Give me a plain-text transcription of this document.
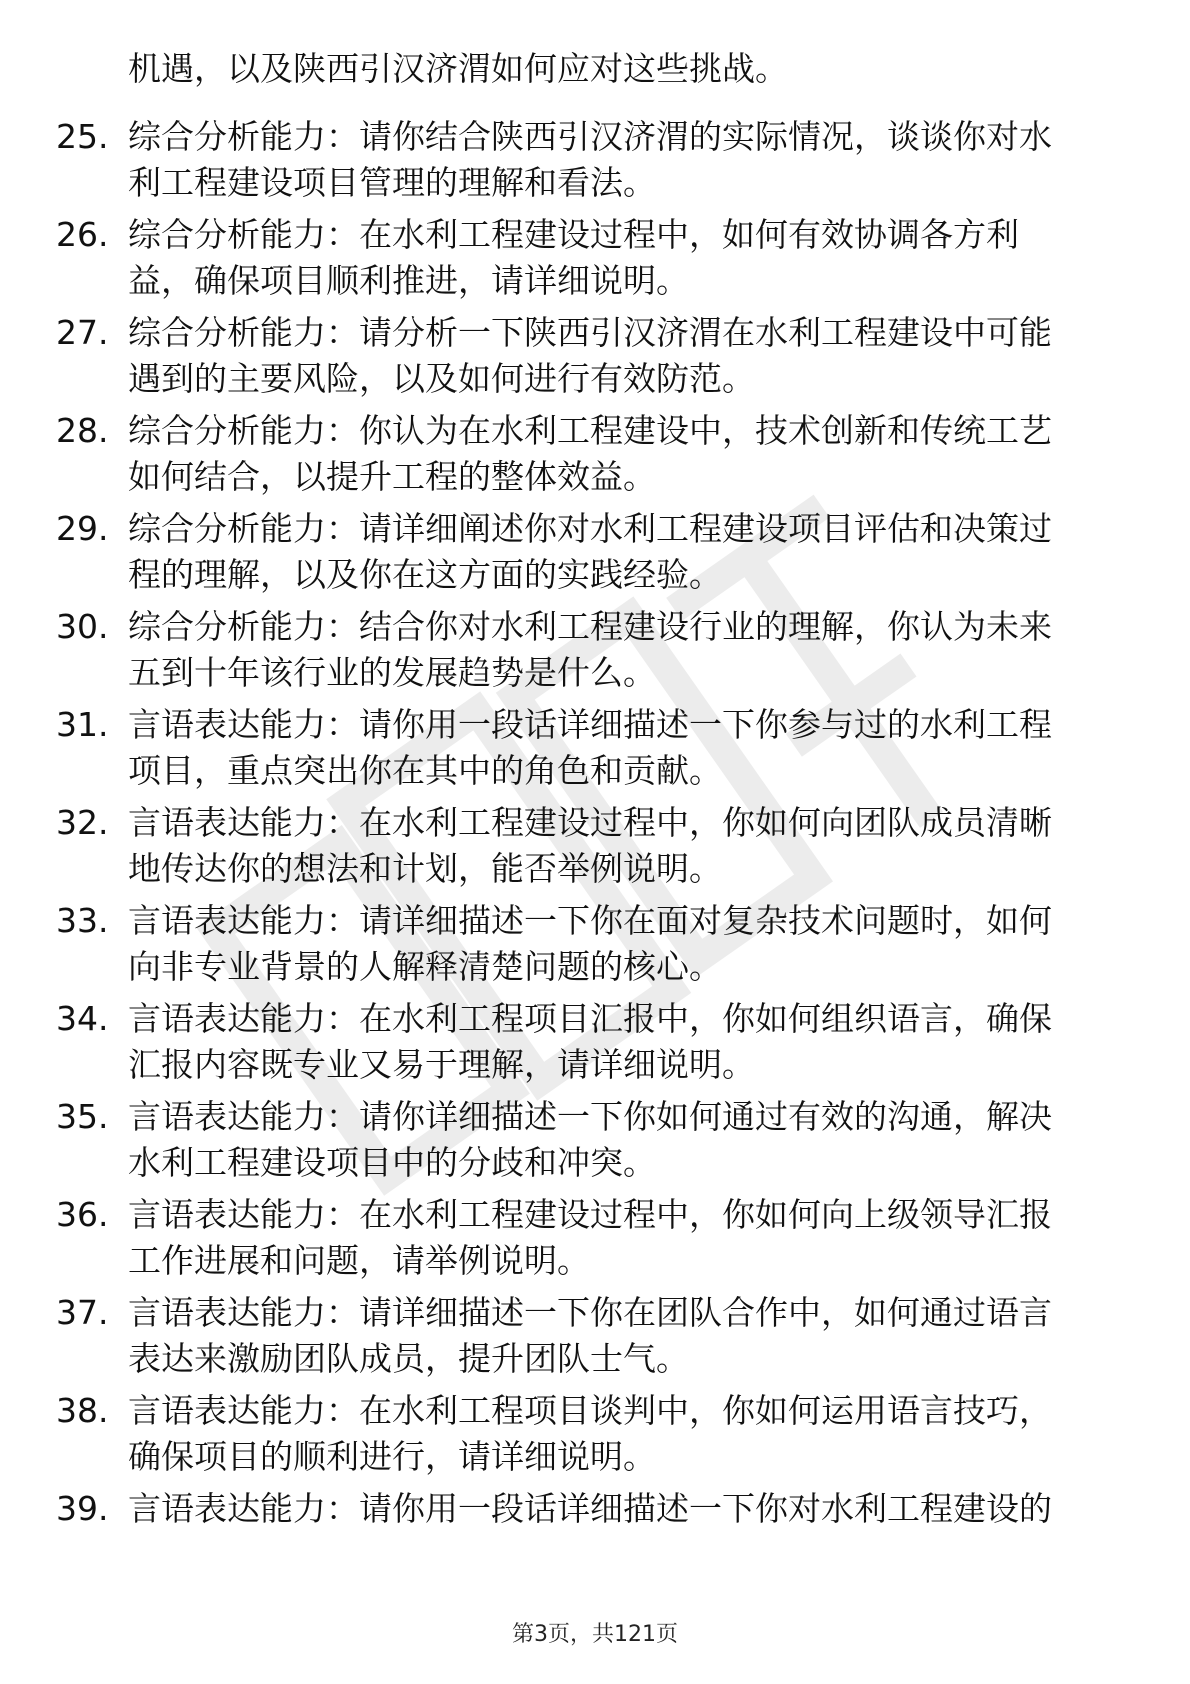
机遇，以及陕西引汉济渭如何应对这些挑战。
25. 综合分析能力：请你结合陕西引汉济渭的实际情况，谈谈你对水
利工程建设项目管理的理解和看法。
26. 综合分析能力：在水利工程建设过程中，如何有效协调各方利
益，确保项目顺利推进，请详细说明。
27. 综合分析能力：请分析一下陕西引汉济渭在水利工程建设中可能
遇到的主要风险，以及如何进行有效防范。
28. 综合分析能力：你认为在水利工程建设中，技术创新和传统工艺
如何结合，以提升工程的整体效益。
29. 综合分析能力：请详细阐述你对水利工程建设项目评估和决策过
程的理解，以及你在这方面的实践经验。
30. 综合分析能力：结合你对水利工程建设行业的理解，你认为未来
五到十年该行业的发展趋势是什么。
31. 言语表达能力：请你用一段话详细描述一下你参与过的水利工程
项目，重点突出你在其中的角色和贡献。
32. 言语表达能力：在水利工程建设过程中，你如何向团队成员清晰
地传达你的想法和计划，能否举例说明。
33. 言语表达能力：请详细描述一下你在面对复杂技术问题时，如何
向非专业背景的人解释清楚问题的核心。
34. 言语表达能力：在水利工程项目汇报中，你如何组织语言，确保
汇报内容既专业又易于理解，请详细说明。
35. 言语表达能力：请你详细描述一下你如何通过有效的沟通，解决
水利工程建设项目中的分歧和冲突。
36. 言语表达能力：在水利工程建设过程中，你如何向上级领导汇报
工作进展和问题，请举例说明。
37. 言语表达能力：请详细描述一下你在团队合作中，如何通过语言
表达来激励团队成员，提升团队士气。
38. 言语表达能力：在水利工程项目谈判中，你如何运用语言技巧，
确保项目的顺利进行，请详细说明。
39. 言语表达能力：请你用一段话详细描述一下你对水利工程建设的
第3页，共121页
